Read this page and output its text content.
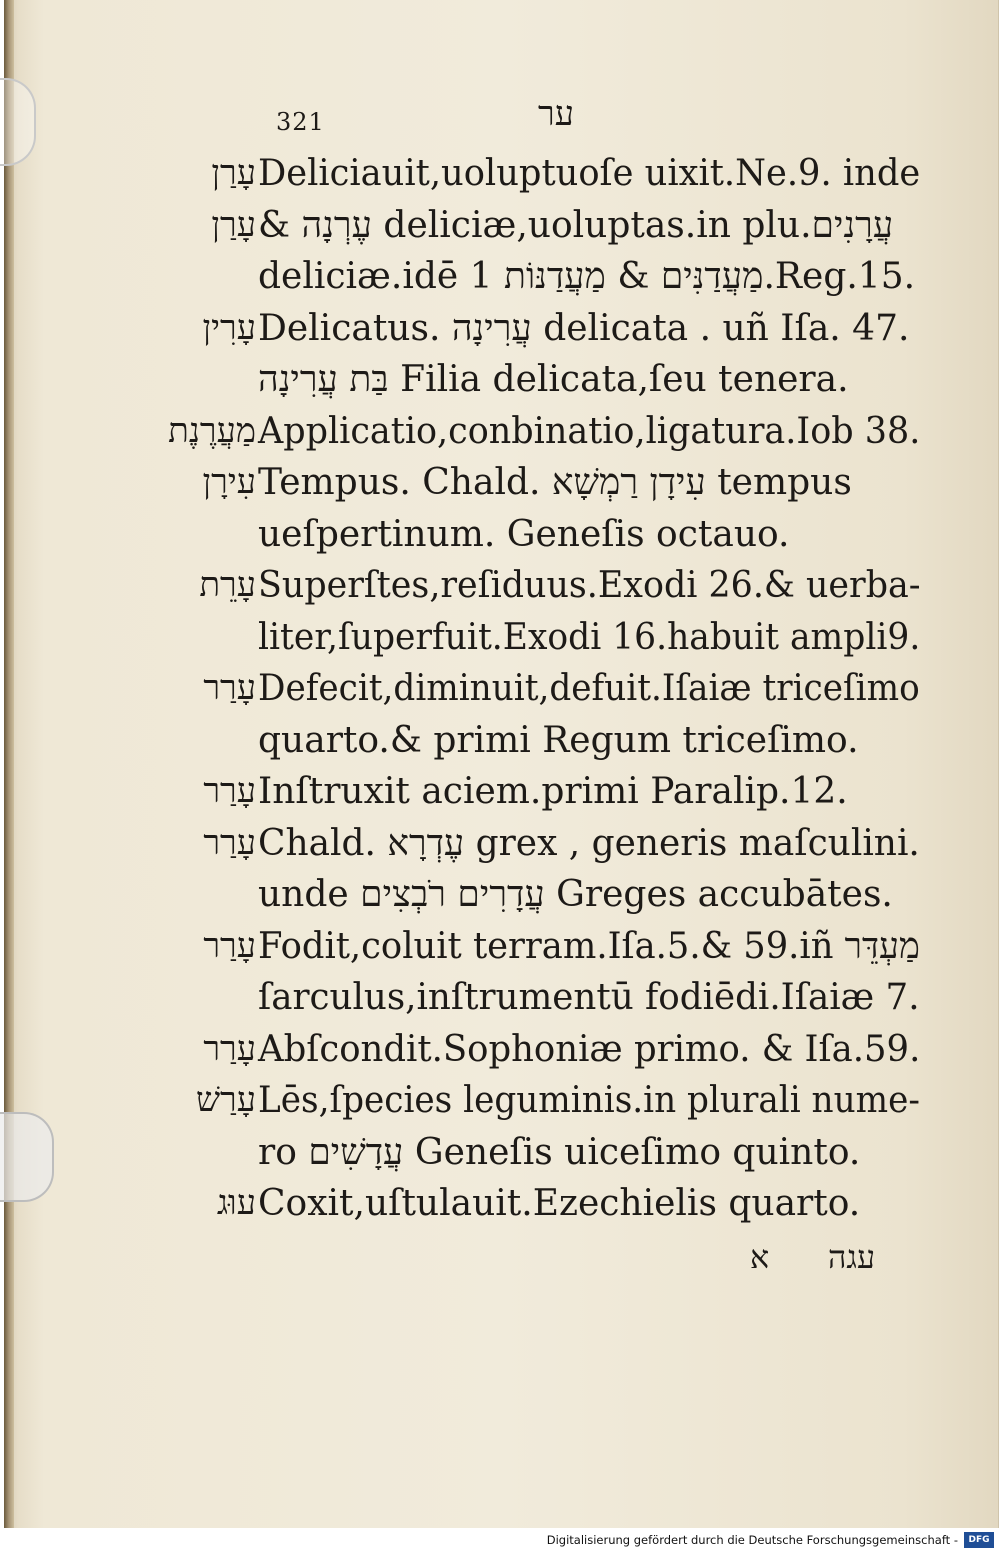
321	ער
עָרַן Deliciauit,uoluptuoſe uixit.Ne.9. inde
עָרַן & עֶרְנָה deliciæ,uoluptas.in plu.עֲרָנִים
deliciæ.idē מַעֲדַנִּים & מַעֲדַנּוֹת 1.Reg.15.
עָרִין Delicatus. עֲרִינָה delicata . uñ Iſa. 47.
בַּת עֲרִינָה Filia delicata,ſeu tenera.
מַעֲרֶנֶת Applicatio,conbinatio,ligatura.Iob 38.
עִירָן Tempus. Chald. עִידָן רַמְשָׁא tempus
ueſpertinum. Geneſis octauo.
עָרֵת Superſtes,reſiduus.Exodi 26.& uerba-
liter,ſuperfuit.Exodi 16.habuit ampli9.
עָרַר Defecit,diminuit,defuit.Iſaiæ triceſimo
quarto.& primi Regum triceſimo.
עָרַר Inſtruxit aciem.primi Paralip.12.
עָרַר Chald. עֶדְרָא grex , generis maſculini.
unde עֲדָרִים רֹבְצִים Greges accubātes.
עָרַר Fodit,coluit terram.Iſa.5.& 59.iñ מַעְדֵּר
ſarculus,inſtrumentū fodiēdi.Iſaiæ 7.
עָרַר Abſcondit.Sophoniæ primo. & Iſa.59.
עָרַשׁ Lēs,ſpecies leguminis.in plurali nume-
ro עֲדָשִׁים Geneſis uiceſimo quinto.
עוּג Coxit,uſtulauit.Ezechielis quarto.
א עגה
Digitalisierung gefördert durch die Deutsche Forschungsgemeinschaft -	DFG
